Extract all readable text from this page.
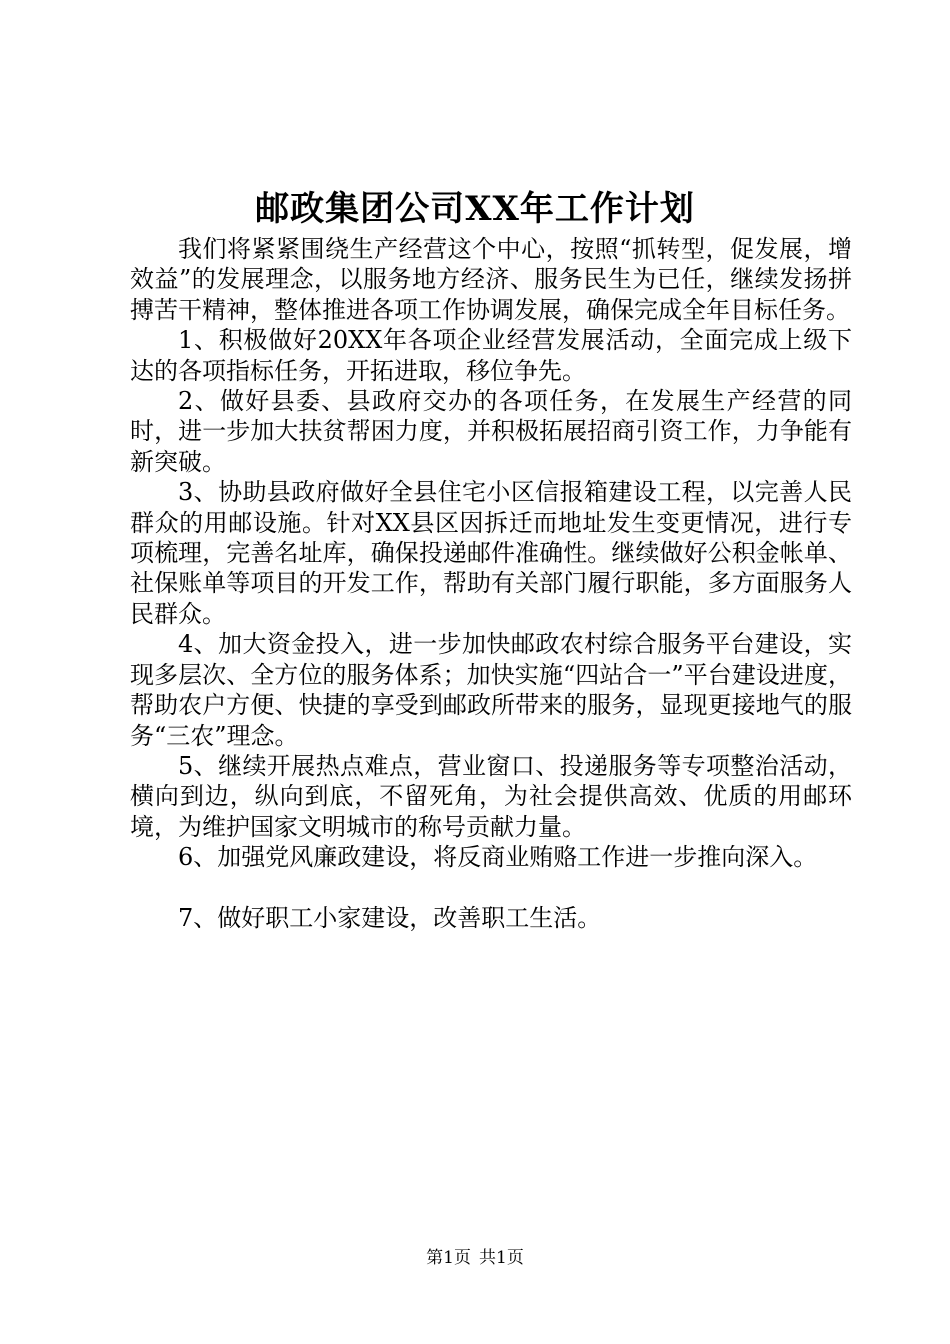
邮政集团公司XX年工作计划

我们将紧紧围绕生产经营这个中心，按照“抓转型，促发展，增效益”的发展理念，以服务地方经济、服务民生为已任，继续发扬拼搏苦干精神，整体推进各项工作协调发展，确保完成全年目标任务。

1、积极做好20XX年各项企业经营发展活动，全面完成上级下达的各项指标任务，开拓进取，移位争先。

2、做好县委、县政府交办的各项任务，在发展生产经营的同时，进一步加大扶贫帮困力度，并积极拓展招商引资工作，力争能有新突破。

3、协助县政府做好全县住宅小区信报箱建设工程，以完善人民群众的用邮设施。针对XX县区因拆迁而地址发生变更情况，进行专项梳理，完善名址库，确保投递邮件准确性。继续做好公积金帐单、社保账单等项目的开发工作，帮助有关部门履行职能，多方面服务人民群众。

4、加大资金投入，进一步加快邮政农村综合服务平台建设，实现多层次、全方位的服务体系；加快实施“四站合一”平台建设进度，帮助农户方便、快捷的享受到邮政所带来的服务，显现更接地气的服务“三农”理念。

5、继续开展热点难点，营业窗口、投递服务等专项整治活动，横向到边，纵向到底，不留死角，为社会提供高效、优质的用邮环境，为维护国家文明城市的称号贡献力量。

6、加强党风廉政建设，将反商业贿赂工作进一步推向深入。

7、做好职工小家建设，改善职工生活。

第1页 共1页
